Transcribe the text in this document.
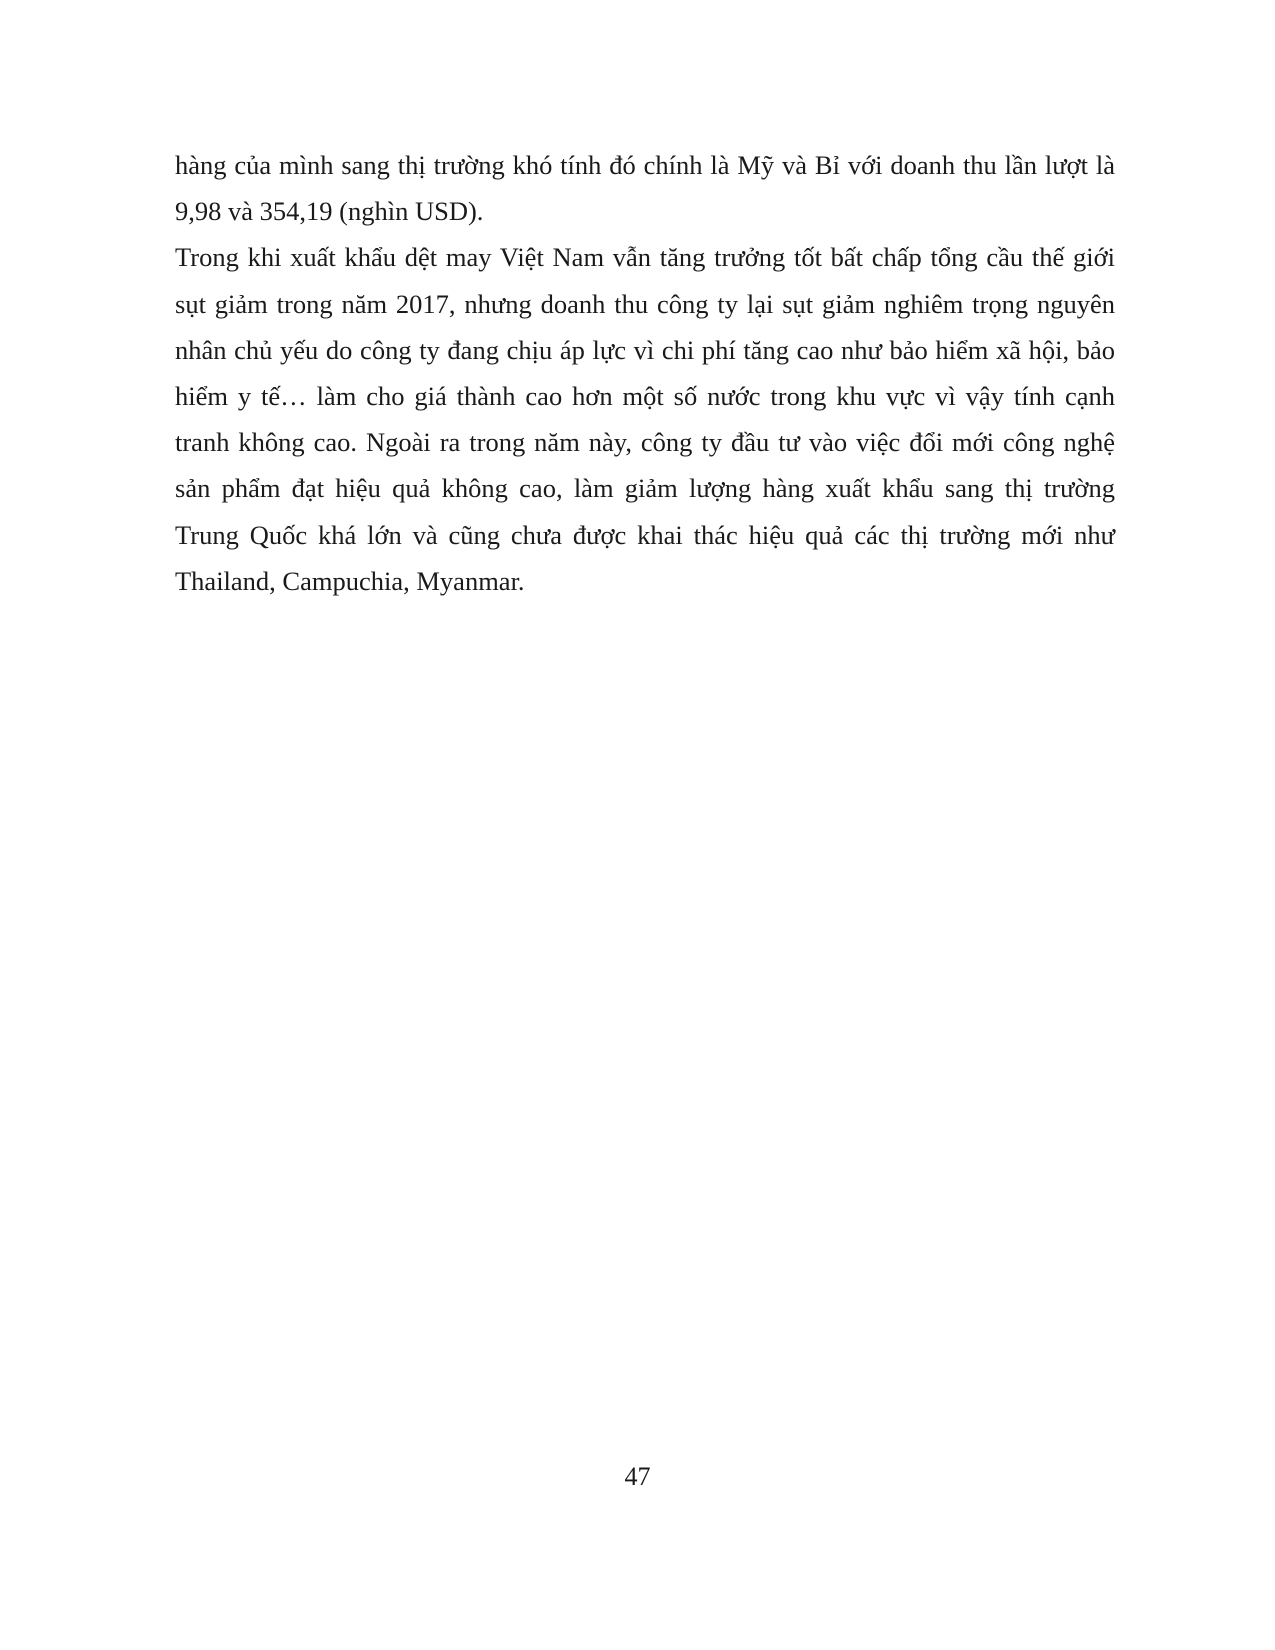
hàng của mình sang thị trường khó tính đó chính là Mỹ và Bỉ với doanh thu lần lượt là 9,98 và 354,19 (nghìn USD).

Trong khi xuất khẩu dệt may Việt Nam vẫn tăng trưởng tốt bất chấp tổng cầu thế giới sụt giảm trong năm 2017, nhưng doanh thu công ty lại sụt giảm nghiêm trọng nguyên nhân chủ yếu do công ty đang chịu áp lực vì chi phí tăng cao như bảo hiểm xã hội, bảo hiểm y tế… làm cho giá thành cao hơn một số nước trong khu vực vì vậy tính cạnh tranh không cao. Ngoài ra trong năm này, công ty đầu tư vào việc đổi mới công nghệ sản phẩm đạt hiệu quả không cao, làm giảm lượng hàng xuất khẩu sang thị trường Trung Quốc khá lớn và cũng chưa được khai thác hiệu quả các thị trường mới như Thailand, Campuchia, Myanmar.

47
